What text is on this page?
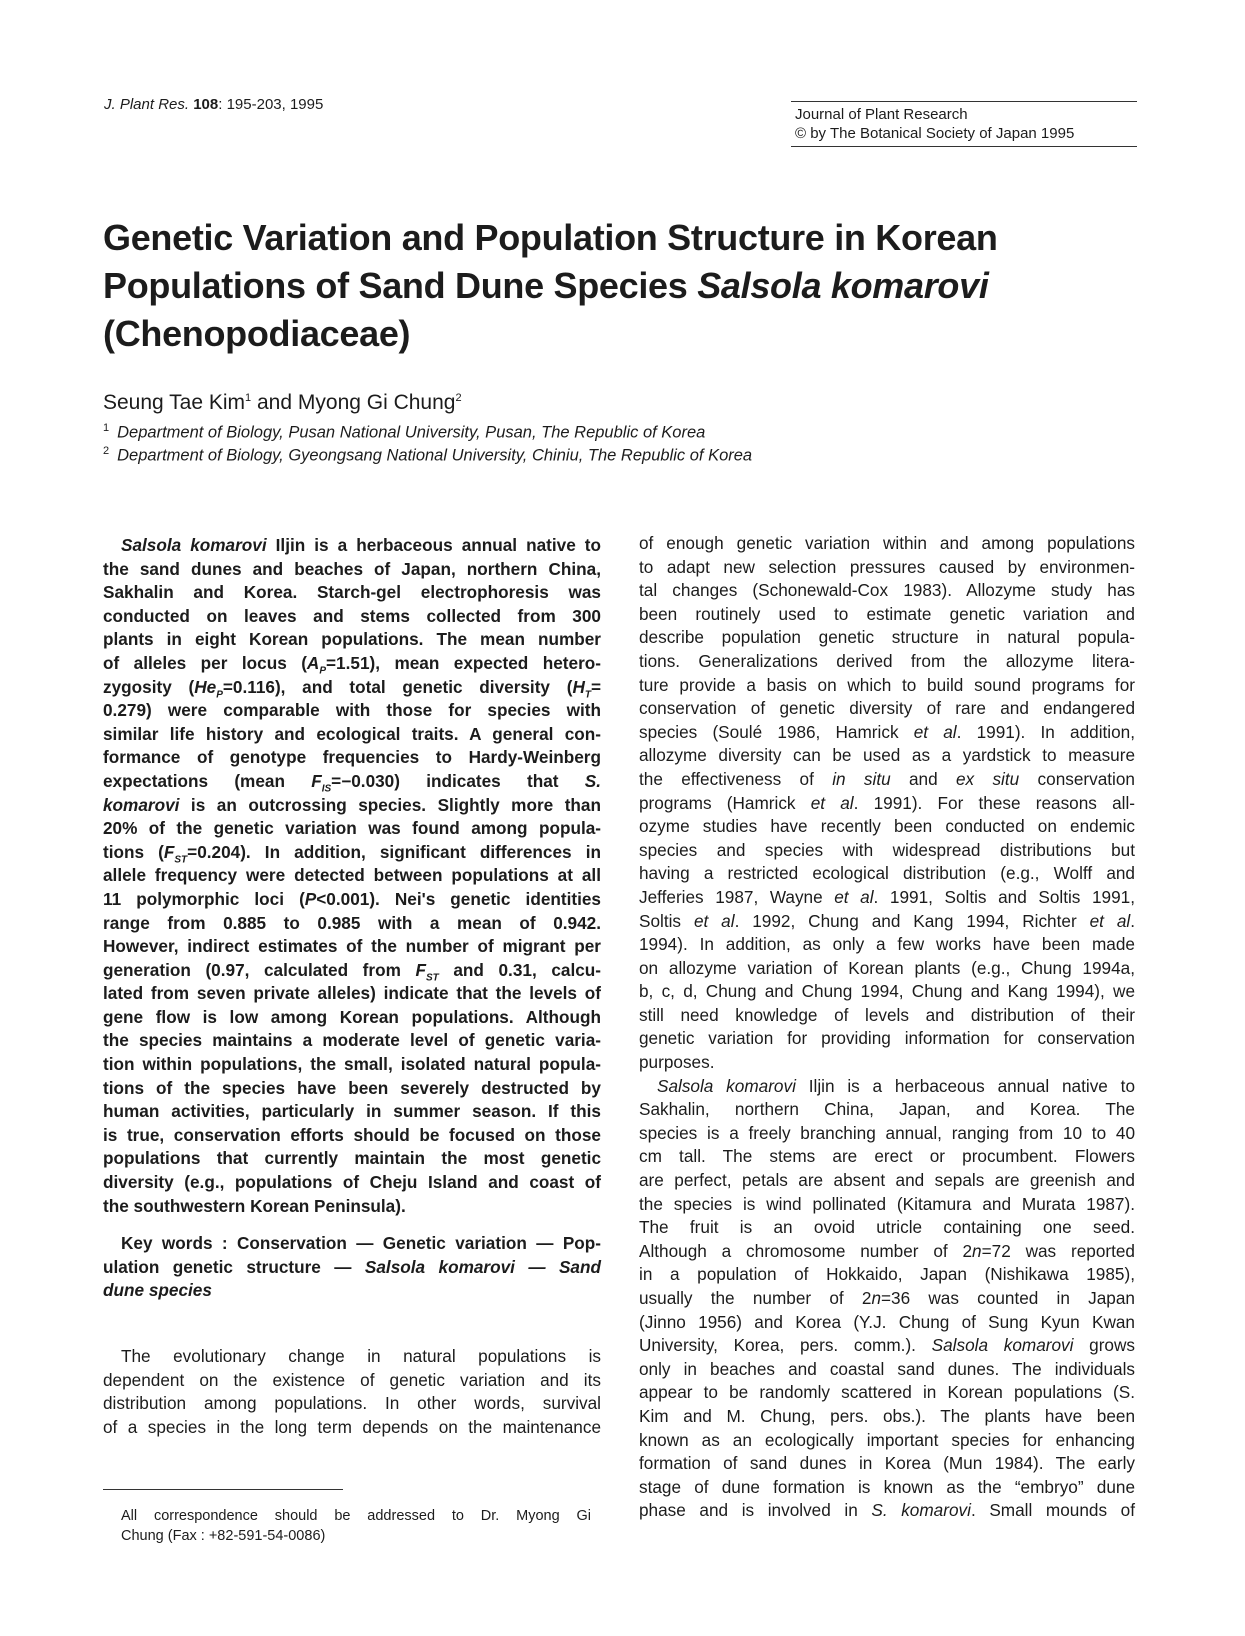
J. Plant Res. 108: 195-203, 1995
Journal of Plant Research
© by The Botanical Society of Japan 1995
Genetic Variation and Population Structure in Korean
Populations of Sand Dune Species Salsola komarovi
(Chenopodiaceae)
Seung Tae Kim$^1$ and Myong Gi Chung$^2$
$^1$ Department of Biology, Pusan National University, Pusan, The Republic of Korea
$^2$ Department of Biology, Gyeongsang National University, Chiniu, The Republic of Korea
Salsola komarovi Iljin is a herbaceous annual native to
the sand dunes and beaches of Japan, northern China,
Sakhalin and Korea. Starch-gel electrophoresis was
conducted on leaves and stems collected from 300
plants in eight Korean populations. The mean number
of alleles per locus $(A_P=1.51)$, mean expected hetero-
zygosity $(He_P=0.116)$, and total genetic diversity ($H_T=$
0.279) were comparable with those for species with
similar life history and ecological traits. A general con-
formance of genotype frequencies to Hardy-Weinberg
expectations (mean $F_{IS}=-0.030$) indicates that S.
komarovi is an outcrossing species. Slightly more than
20% of the genetic variation was found among popula-
tions $(F_{ST}=0.204)$. In addition, significant differences in
allele frequency were detected between populations at all
11 polymorphic loci (P<0.001). Nei's genetic identities
range from 0.885 to 0.985 with a mean of 0.942.
However, indirect estimates of the number of migrant per
generation (0.97, calculated from $F_{ST}$ and 0.31, calcu-
lated from seven private alleles) indicate that the levels of
gene flow is low among Korean populations. Although
the species maintains a moderate level of genetic varia-
tion within populations, the small, isolated natural popula-
tions of the species have been severely destructed by
human activities, particularly in summer season. If this
is true, conservation efforts should be focused on those
populations that currently maintain the most genetic
diversity (e.g., populations of Cheju Island and coast of
the southwestern Korean Peninsula).
Key words : Conservation — Genetic variation — Pop-
ulation genetic structure — Salsola komarovi — Sand
dune species
The evolutionary change in natural populations is
dependent on the existence of genetic variation and its
distribution among populations. In other words, survival
of a species in the long term depends on the maintenance
All correspondence should be addressed to Dr. Myong Gi
Chung (Fax : +82-591-54-0086)
of enough genetic variation within and among populations
to adapt new selection pressures caused by environmen-
tal changes (Schonewald-Cox 1983). Allozyme study has
been routinely used to estimate genetic variation and
describe population genetic structure in natural popula-
tions. Generalizations derived from the allozyme litera-
ture provide a basis on which to build sound programs for
conservation of genetic diversity of rare and endangered
species (Soulé 1986, Hamrick et al. 1991). In addition,
allozyme diversity can be used as a yardstick to measure
the effectiveness of in situ and ex situ conservation
programs (Hamrick et al. 1991). For these reasons all-
ozyme studies have recently been conducted on endemic
species and species with widespread distributions but
having a restricted ecological distribution (e.g., Wolff and
Jefferies 1987, Wayne et al. 1991, Soltis and Soltis 1991,
Soltis et al. 1992, Chung and Kang 1994, Richter et al.
1994). In addition, as only a few works have been made
on allozyme variation of Korean plants (e.g., Chung 1994a,
b, c, d, Chung and Chung 1994, Chung and Kang 1994), we
still need knowledge of levels and distribution of their
genetic variation for providing information for conservation
purposes.
Salsola komarovi Iljin is a herbaceous annual native to
Sakhalin, northern China, Japan, and Korea. The
species is a freely branching annual, ranging from 10 to 40
cm tall. The stems are erect or procumbent. Flowers
are perfect, petals are absent and sepals are greenish and
the species is wind pollinated (Kitamura and Murata 1987).
The fruit is an ovoid utricle containing one seed.
Although a chromosome number of 2n=72 was reported
in a population of Hokkaido, Japan (Nishikawa 1985),
usually the number of 2n=36 was counted in Japan
(Jinno 1956) and Korea (Y.J. Chung of Sung Kyun Kwan
University, Korea, pers. comm.). Salsola komarovi grows
only in beaches and coastal sand dunes. The individuals
appear to be randomly scattered in Korean populations (S.
Kim and M. Chung, pers. obs.). The plants have been
known as an ecologically important species for enhancing
formation of sand dunes in Korea (Mun 1984). The early
stage of dune formation is known as the “embryo” dune
phase and is involved in S. komarovi. Small mounds of
